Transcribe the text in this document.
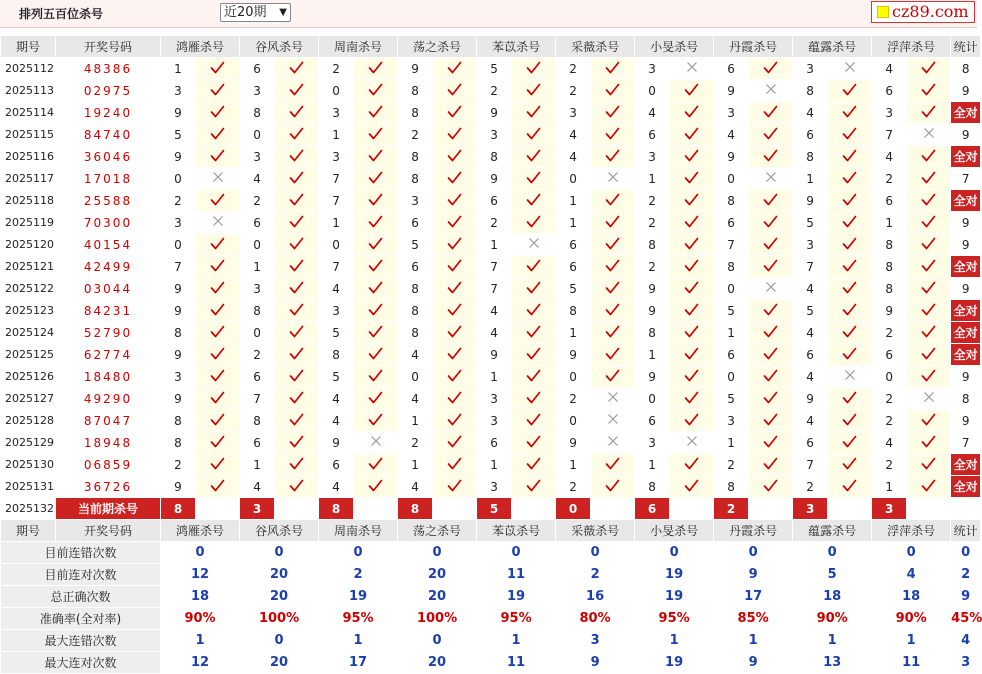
排列五百位杀号	近20期 ▼	cz89.com
期号	开奖号码	鸿雁杀号		谷风杀号		周南杀号		荡之杀号		苯苡杀号		采薇杀号		小旻杀号		丹霞杀号		蕴露杀号		浮萍杀号		统计
2025112	48386	1		6		2		9		5		2		3		6		3		4		8
2025113	02975	3		3		0		8		2		2		0		9		8		6		9
2025114	19240	9		8		3		8		9		3		4		3		4		3		全对
2025115	84740	5		0		1		2		3		4		6		4		6		7		9
2025116	36046	9		3		3		8		8		4		3		9		8		4		全对
2025117	17018	0		4		7		8		9		0		1		0		1		2		7
2025118	25588	2		2		7		3		6		1		2		8		9		6		全对
2025119	70300	3		6		1		6		2		1		2		6		5		1		9
2025120	40154	0		0		0		5		1		6		8		7		3		8		9
2025121	42499	7		1		7		6		7		6		2		8		7		8		全对
2025122	03044	9		3		4		8		7		5		9		0		4		8		9
2025123	84231	9		8		3		8		4		8		9		5		5		9		全对
2025124	52790	8		0		5		8		4		1		8		1		4		2		全对
2025125	62774	9		2		8		4		9		9		1		6		6		6		全对
2025126	18480	3		6		5		0		1		0		9		0		4		0		9
2025127	49290	9		7		4		4		3		2		0		5		9		2		8
2025128	87047	8		8		4		1		3		0		6		3		4		2		9
2025129	18948	8		6		9		2		6		9		3		1		6		4		7
2025130	06859	2		1		6		1		1		1		1		2		7		2		全对
2025131	36726	9		4		4		4		3		2		8		8		2		1		全对
2025132	当前期杀号	8		3		8		8		5		0		6		2		3		3		
期号	开奖号码	鸿雁杀号		谷风杀号		周南杀号		荡之杀号		苯苡杀号		采薇杀号		小旻杀号		丹霞杀号		蕴露杀号		浮萍杀号		统计
目前连错次数		0		0		0		0		0		0		0		0		0		0		0
目前连对次数		12		20		2		20		11		2		19		9		5		4		2
总正确次数		18		20		19		20		19		16		19		17		18		18		9
准确率(全对率)		90%		100%		95%		100%		95%		80%		95%		85%		90%		90%		45%
最大连错次数		1		0		1		0		1		3		1		1		1		1		4
最大连对次数		12		20		17		20		11		9		19		9		13		11		3
